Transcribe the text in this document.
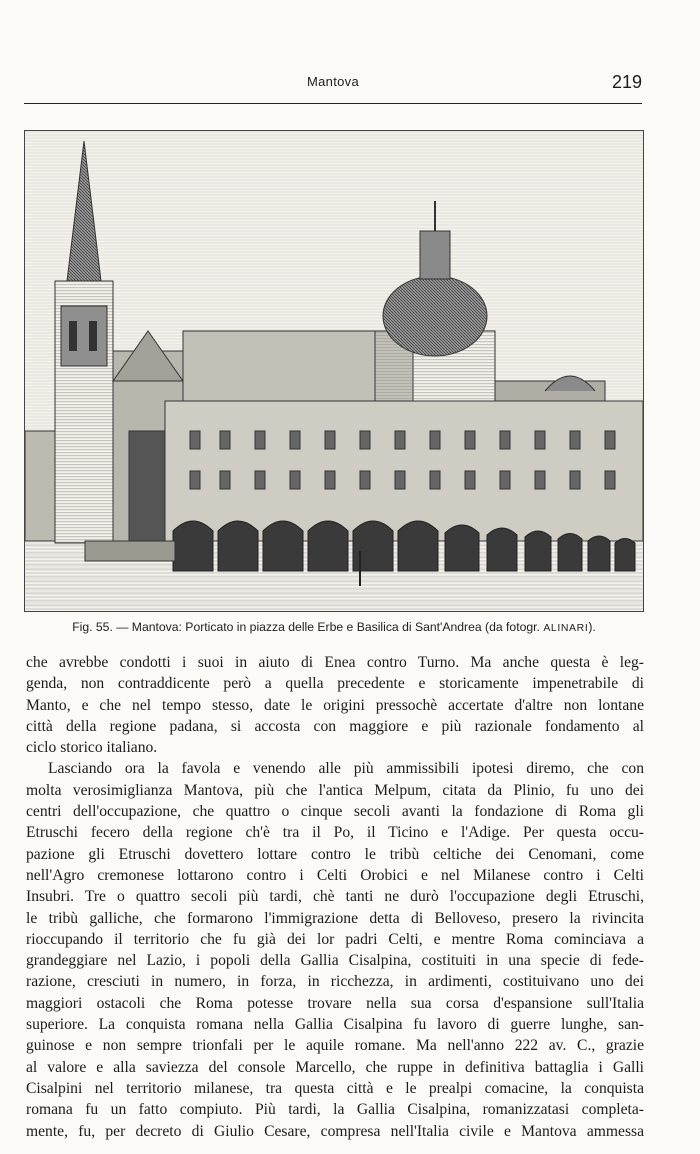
Mantova	219
Fig. 55. — Mantova: Porticato in piazza delle Erbe e Basilica di Sant'Andrea (da fotogr. ALINARI).
che avrebbe condotti i suoi in aiuto di Enea contro Turno. Ma anche questa è leg-
genda, non contraddicente però a quella precedente e storicamente impenetrabile di
Manto, e che nel tempo stesso, date le origini pressochè accertate d'altre non lontane
città della regione padana, si accosta con maggiore e più razionale fondamento al
ciclo storico italiano.
Lasciando ora la favola e venendo alle più ammissibili ipotesi diremo, che con
molta verosimiglianza Mantova, più che l'antica Melpum, citata da Plinio, fu uno dei
centri dell'occupazione, che quattro o cinque secoli avanti la fondazione di Roma gli
Etruschi fecero della regione ch'è tra il Po, il Ticino e l'Adige. Per questa occu-
pazione gli Etruschi dovettero lottare contro le tribù celtiche dei Cenomani, come
nell'Agro cremonese lottarono contro i Celti Orobici e nel Milanese contro i Celti
Insubri. Tre o quattro secoli più tardi, chè tanti ne durò l'occupazione degli Etruschi,
le tribù galliche, che formarono l'immigrazione detta di Belloveso, presero la rivincita
rioccupando il territorio che fu già dei lor padri Celti, e mentre Roma cominciava a
grandeggiare nel Lazio, i popoli della Gallia Cisalpina, costituiti in una specie di fede-
razione, cresciuti in numero, in forza, in ricchezza, in ardimenti, costituivano uno dei
maggiori ostacoli che Roma potesse trovare nella sua corsa d'espansione sull'Italia
superiore. La conquista romana nella Gallia Cisalpina fu lavoro di guerre lunghe, san-
guinose e non sempre trionfali per le aquile romane. Ma nell'anno 222 av. C., grazie
al valore e alla saviezza del console Marcello, che ruppe in definitiva battaglia i Galli
Cisalpini nel territorio milanese, tra questa città e le prealpi comacine, la conquista
romana fu un fatto compiuto. Più tardi, la Gallia Cisalpina, romanizzatasi completa-
mente, fu, per decreto di Giulio Cesare, compresa nell'Italia civile e Mantova ammessa
